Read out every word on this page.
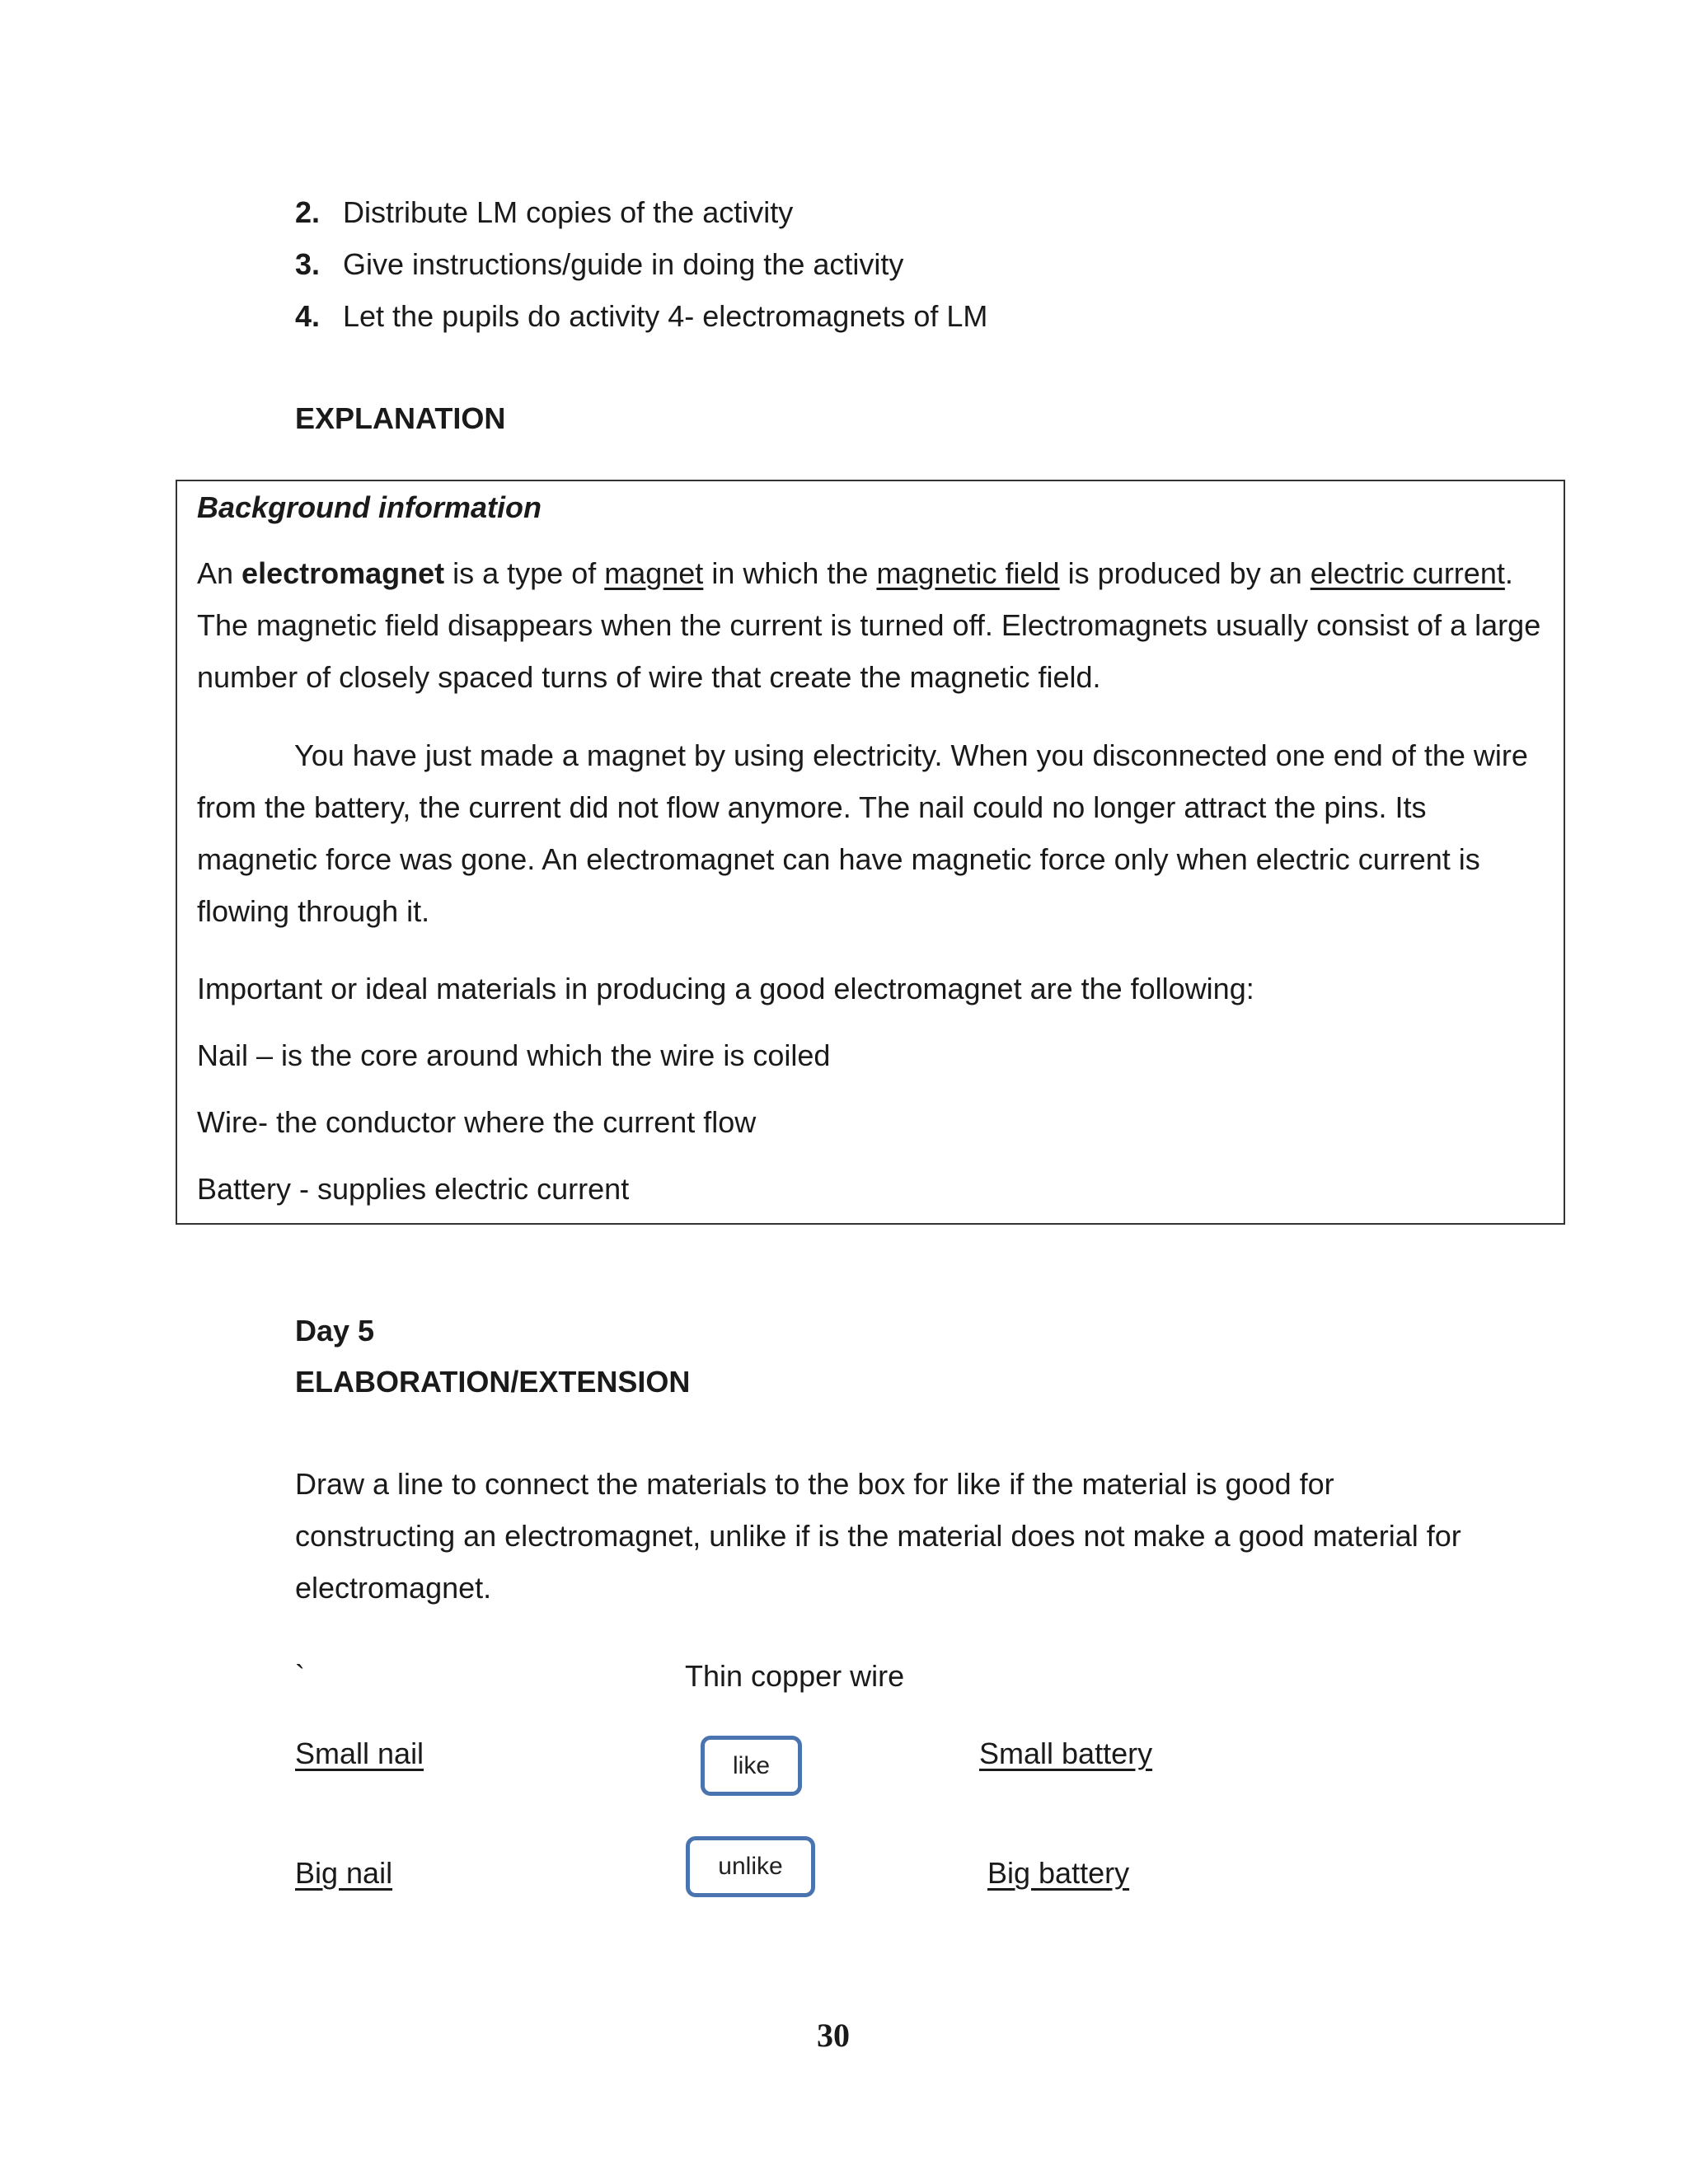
2. Distribute LM copies of the activity
3. Give instructions/guide in doing the activity
4. Let the pupils do activity 4- electromagnets of LM
EXPLANATION
Background information

An electromagnet is a type of magnet in which the magnetic field is produced by an electric current. The magnetic field disappears when the current is turned off. Electromagnets usually consist of a large number of closely spaced turns of wire that create the magnetic field.

You have just made a magnet by using electricity. When you disconnected one end of the wire from the battery, the current did not flow anymore. The nail could no longer attract the pins. Its magnetic force was gone. An electromagnet can have magnetic force only when electric current is flowing through it.
Important or ideal materials in producing a good electromagnet are the following:
Nail – is the core around which the wire is coiled
Wire- the conductor where the current flow
Battery - supplies electric current
Day 5
ELABORATION/EXTENSION
Draw a line to connect the materials to the box for like if the material is good for constructing an electromagnet, unlike if is the material does not make a good material for electromagnet.
`	Thin copper wire
Small nail	Small battery
like
unlike
Big nail	Big battery
30
